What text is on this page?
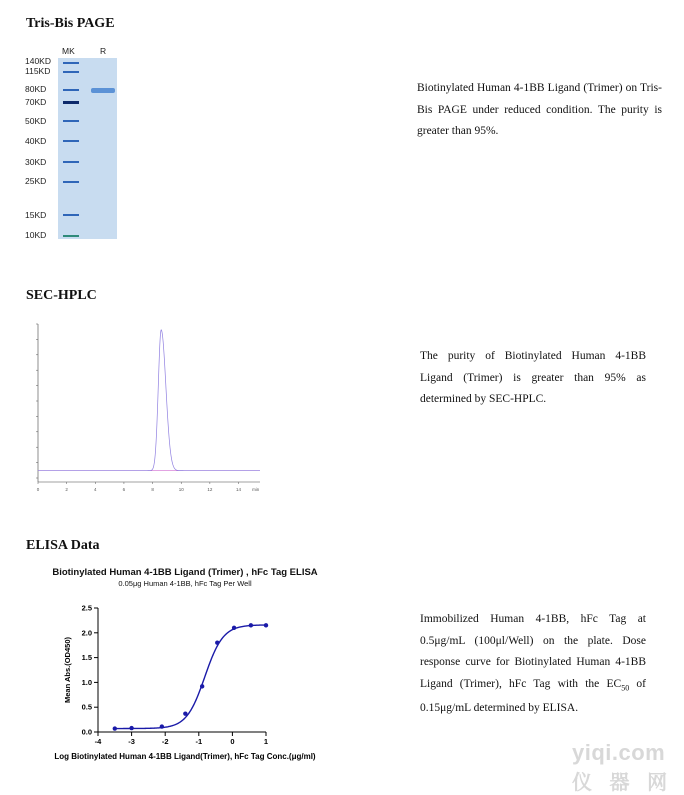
Tris-Bis PAGE
MK	R
140KD
115KD
80KD
70KD
50KD
40KD
30KD
25KD
15KD
10KD
Biotinylated Human 4-1BB Ligand (Trimer) on Tris-Bis PAGE under reduced condition. The purity is greater than 95%.
SEC-HPLC
0	2	4	6	8	10	12	14 min
The purity of Biotinylated Human 4-1BB Ligand (Trimer) is greater than 95% as determined by SEC-HPLC.
ELISA Data
Biotinylated Human 4-1BB Ligand (Trimer) , hFc Tag ELISA
0.05μg Human 4-1BB, hFc Tag Per Well
0.0
0.5
1.0
1.5
2.0
2.5
-4	-3	-2	-1	0	1
Mean Abs.(OD450)
Log Biotinylated Human 4-1BB Ligand(Trimer), hFc Tag Conc.(μg/ml)
Immobilized Human 4-1BB, hFc Tag at 0.5μg/mL (100μl/Well) on the plate. Dose response curve for Biotinylated Human 4-1BB Ligand (Trimer), hFc Tag with the $EC_{50}$ of 0.15μg/mL determined by ELISA.
yiqi.com
仪 器 网
